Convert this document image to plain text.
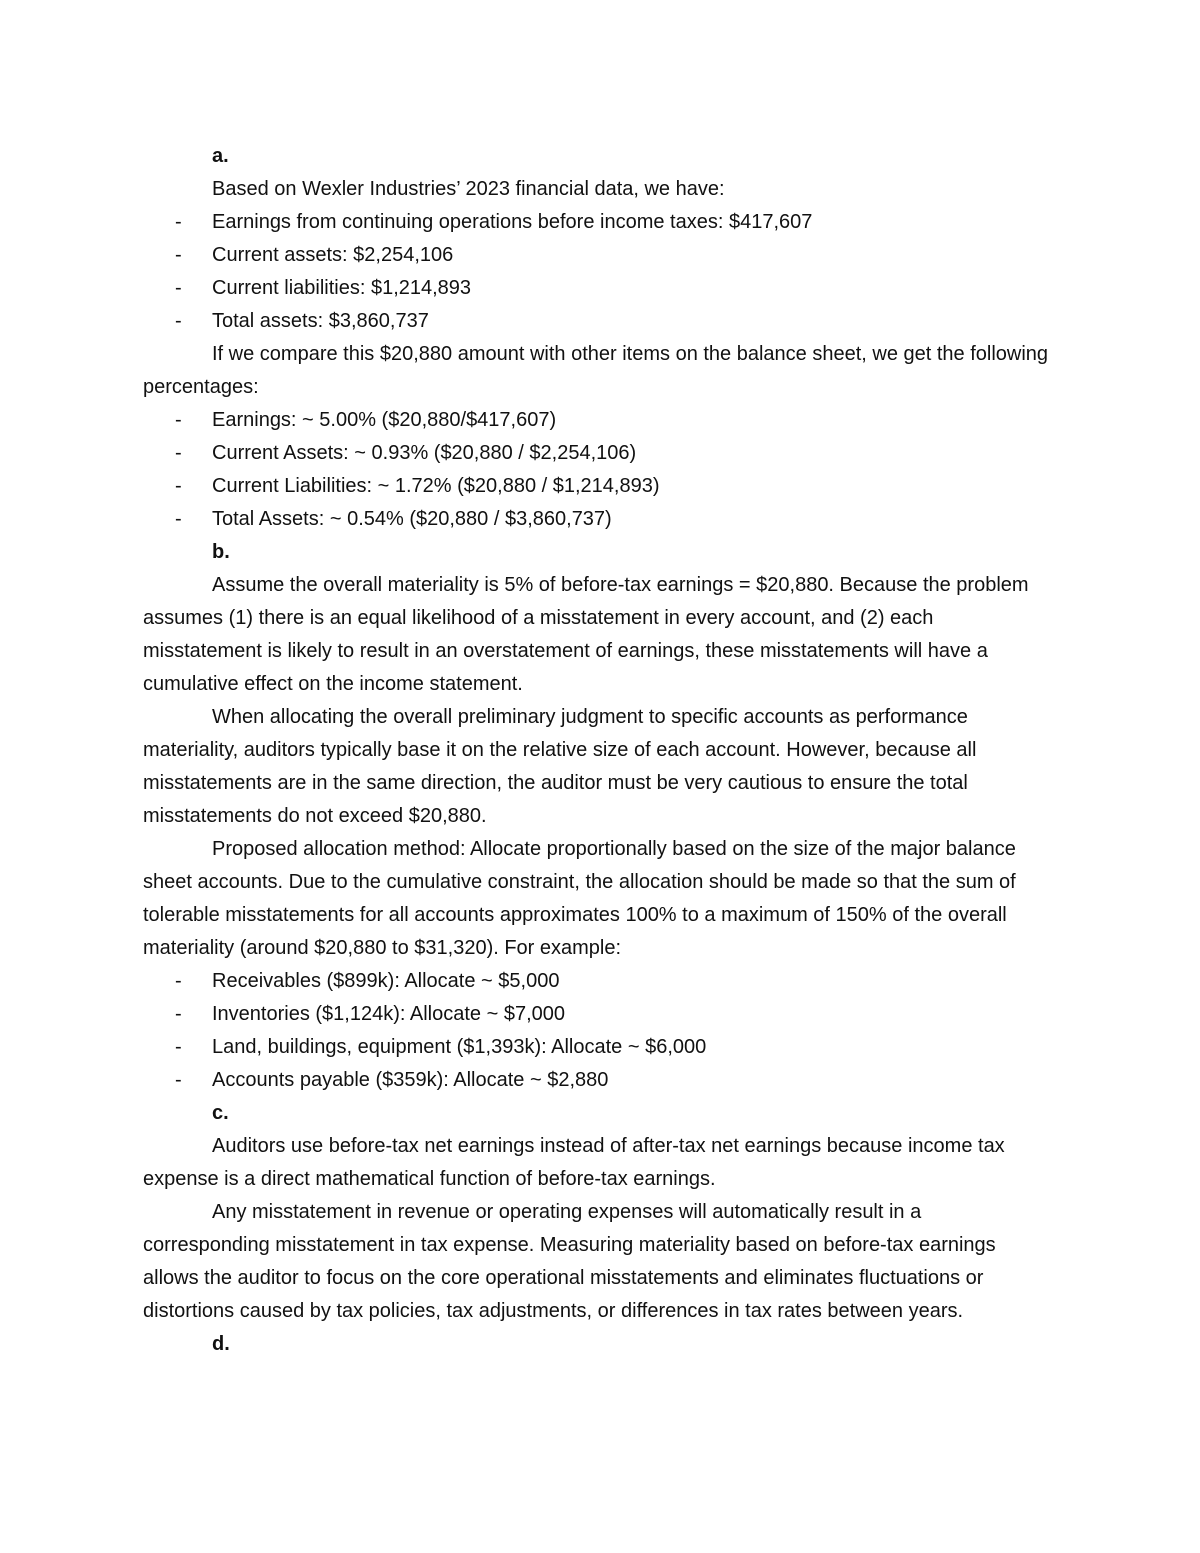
a.

Based on Wexler Industries’ 2023 financial data, we have:

- Earnings from continuing operations before income taxes: $417,607
- Current assets: $2,254,106
- Current liabilities: $1,214,893
- Total assets: $3,860,737

If we compare this $20,880 amount with other items on the balance sheet, we get the following percentages:

- Earnings: ~ 5.00% ($20,880/$417,607)
- Current Assets: ~ 0.93% ($20,880 / $2,254,106)
- Current Liabilities: ~ 1.72% ($20,880 / $1,214,893)
- Total Assets: ~ 0.54% ($20,880 / $3,860,737)
b.

Assume the overall materiality is 5% of before-tax earnings = $20,880. Because the problem assumes (1) there is an equal likelihood of a misstatement in every account, and (2) each misstatement is likely to result in an overstatement of earnings, these misstatements will have a cumulative effect on the income statement.

When allocating the overall preliminary judgment to specific accounts as performance materiality, auditors typically base it on the relative size of each account. However, because all misstatements are in the same direction, the auditor must be very cautious to ensure the total misstatements do not exceed $20,880.

Proposed allocation method: Allocate proportionally based on the size of the major balance sheet accounts. Due to the cumulative constraint, the allocation should be made so that the sum of tolerable misstatements for all accounts approximates 100% to a maximum of 150% of the overall materiality (around $20,880 to $31,320). For example:

- Receivables ($899k): Allocate ~ $5,000
- Inventories ($1,124k): Allocate ~ $7,000
- Land, buildings, equipment ($1,393k): Allocate ~ $6,000
- Accounts payable ($359k): Allocate ~ $2,880
c.

Auditors use before-tax net earnings instead of after-tax net earnings because income tax expense is a direct mathematical function of before-tax earnings.

Any misstatement in revenue or operating expenses will automatically result in a corresponding misstatement in tax expense. Measuring materiality based on before-tax earnings allows the auditor to focus on the core operational misstatements and eliminates fluctuations or distortions caused by tax policies, tax adjustments, or differences in tax rates between years.

d.
